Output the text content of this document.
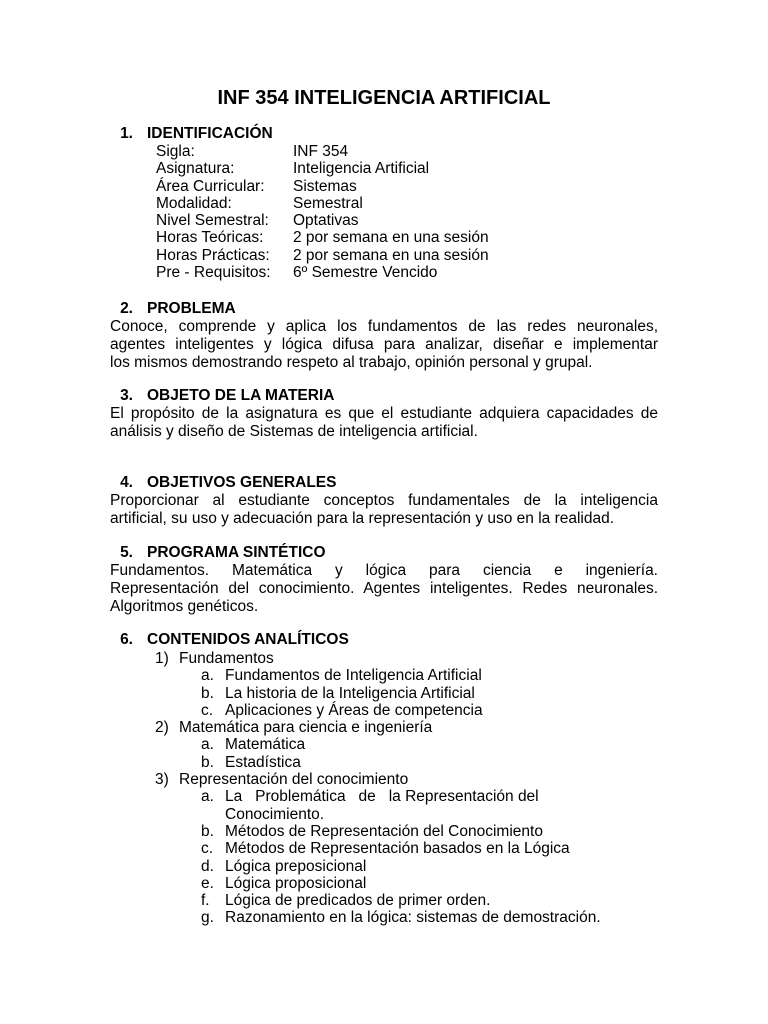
INF 354 INTELIGENCIA ARTIFICIAL
1. IDENTIFICACIÓN
Sigla:	INF 354
Asignatura:	Inteligencia Artificial
Área Curricular:	Sistemas
Modalidad:	Semestral
Nivel Semestral:	Optativas
Horas Teóricas:	2 por semana en una sesión
Horas Prácticas:	2 por semana en una sesión
Pre - Requisitos:	6º Semestre Vencido
2. PROBLEMA
Conoce, comprende y aplica los fundamentos de las redes neuronales,
agentes inteligentes y lógica difusa para analizar, diseñar e implementar
los mismos demostrando respeto al trabajo, opinión personal y grupal.
3. OBJETO DE LA MATERIA
El propósito de la asignatura es que el estudiante adquiera capacidades de
análisis y diseño de Sistemas de inteligencia artificial.
4. OBJETIVOS GENERALES
Proporcionar al estudiante conceptos fundamentales de la inteligencia
artificial, su uso y adecuación para la representación y uso en la realidad.
5. PROGRAMA SINTÉTICO
Fundamentos. Matemática y lógica para ciencia e ingeniería.
Representación del conocimiento. Agentes inteligentes. Redes neuronales.
Algoritmos genéticos.
6. CONTENIDOS ANALÍTICOS
1) Fundamentos
a. Fundamentos de Inteligencia Artificial
b. La historia de la Inteligencia Artificial
c. Aplicaciones y Áreas de competencia
2) Matemática para ciencia e ingeniería
a. Matemática
b. Estadística
3) Representación del conocimiento
a. La   Problemática   de   la Representación del
Conocimiento.
b. Métodos de Representación del Conocimiento
c. Métodos de Representación basados en la Lógica
d. Lógica preposicional
e. Lógica proposicional
f. Lógica de predicados de primer orden.
g. Razonamiento en la lógica: sistemas de demostración.
